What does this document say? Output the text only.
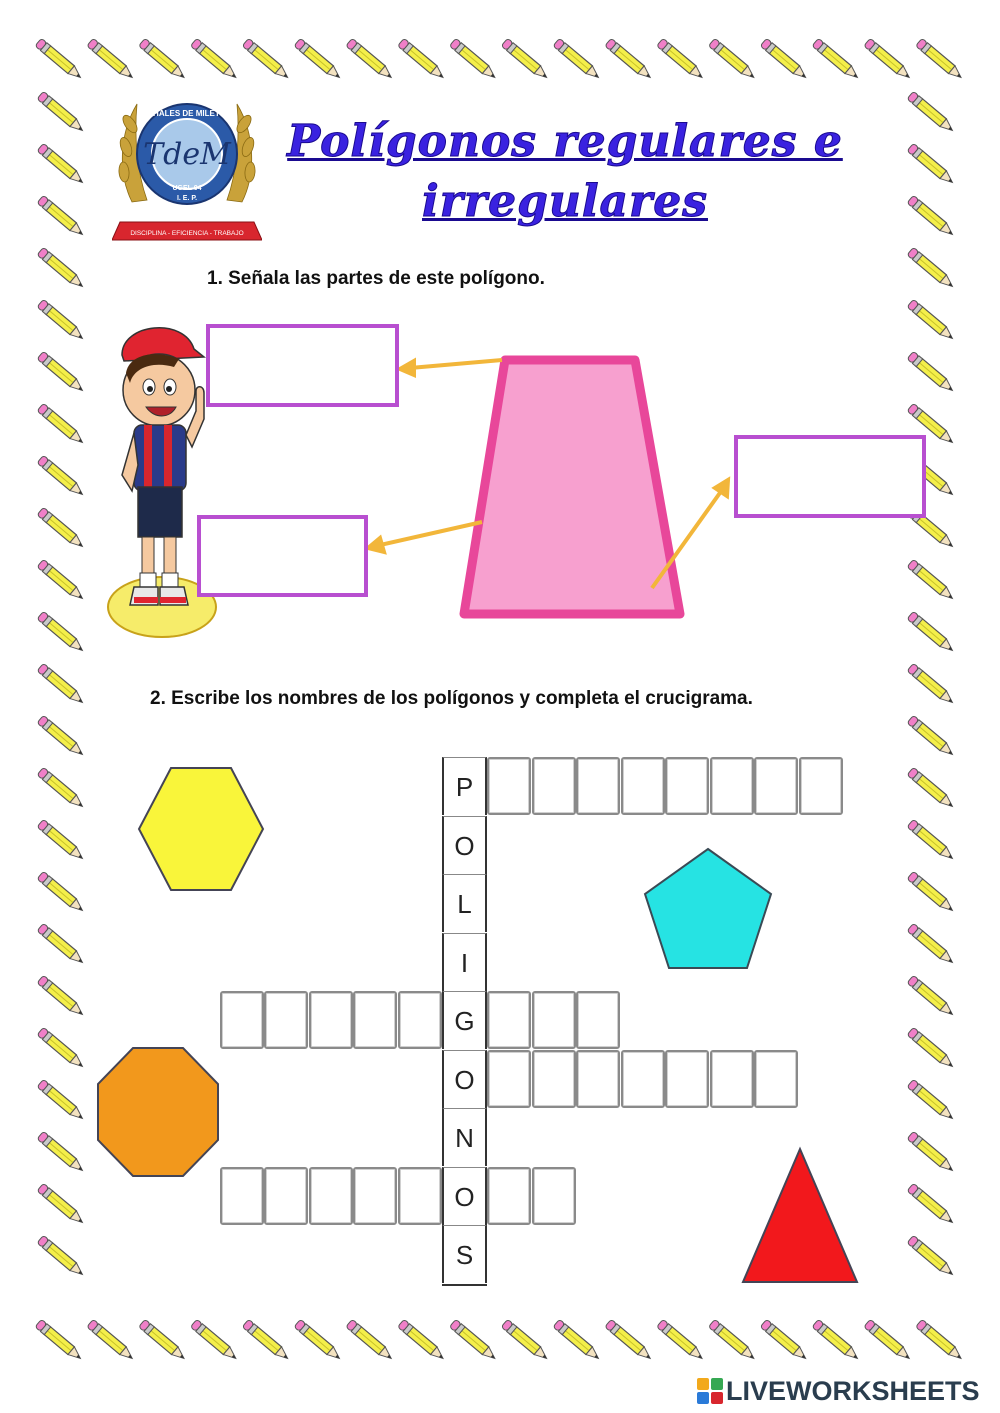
TdeM
THALES DE MILETO
UGEL 04
I. E. P.
DISCIPLINA - EFICIENCIA - TRABAJO
Polígonos regulares e
irregulares
1. Señala las partes de este polígono.
2. Escribe los nombres de los polígonos y completa el crucigrama.
P
O
L
I
G
O
N
O
S
LIVEWORKSHEETS
